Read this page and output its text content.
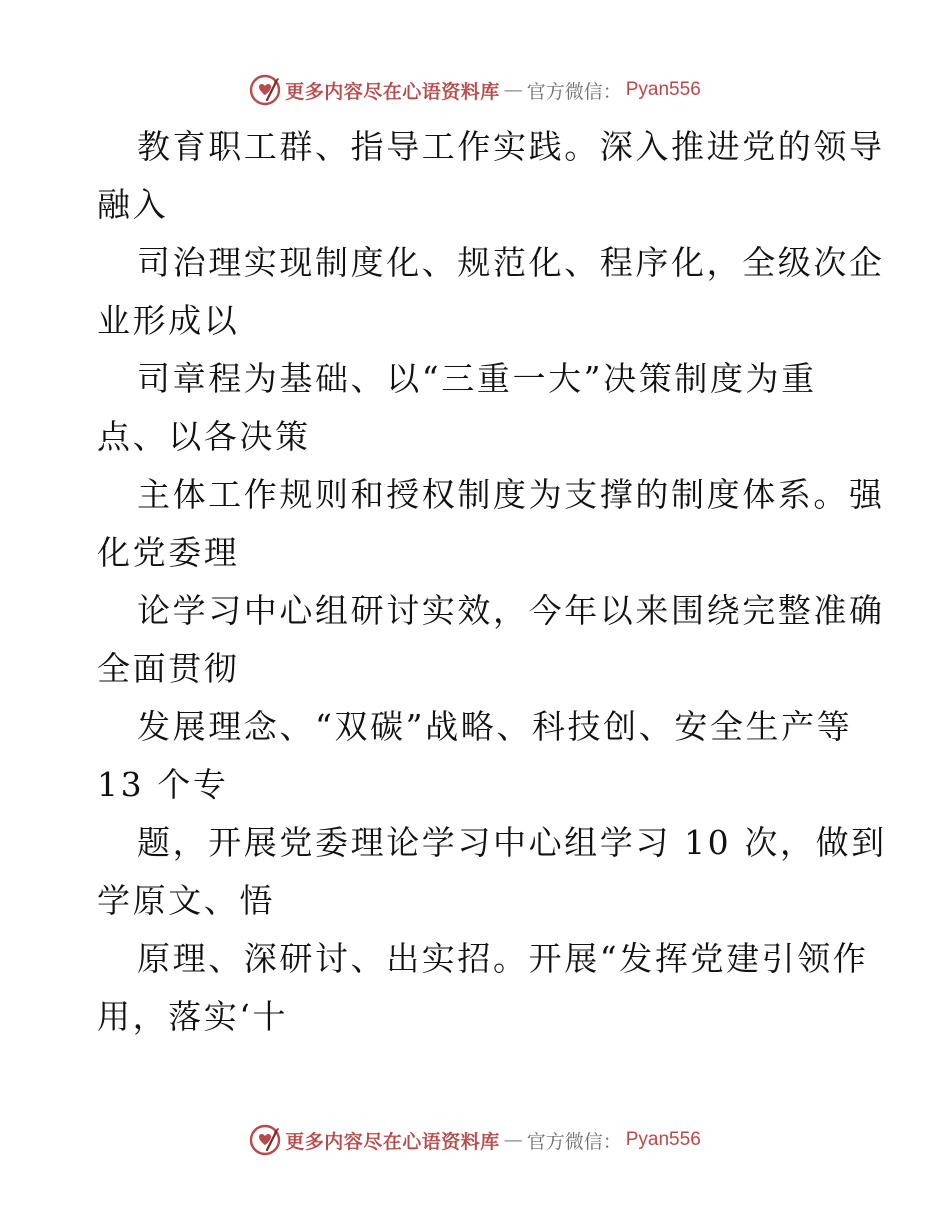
更多内容尽在心语资料库 — 官方微信： Pyan556

教育职工群、指导工作实践。深入推进党的领导
融入

司治理实现制度化、规范化、程序化，全级次企
业形成以

司章程为基础、以“三重一大”决策制度为重
点、以各决策

主体工作规则和授权制度为支撑的制度体系。强
化党委理

论学习中心组研讨实效，今年以来围绕完整准确
全面贯彻

发展理念、“双碳”战略、科技创、安全生产等
13 个专

题，开展党委理论学习中心组学习 10 次，做到
学原文、悟

原理、深研讨、出实招。开展“发挥党建引领作
用，落实‘十

更多内容尽在心语资料库 — 官方微信： Pyan556
